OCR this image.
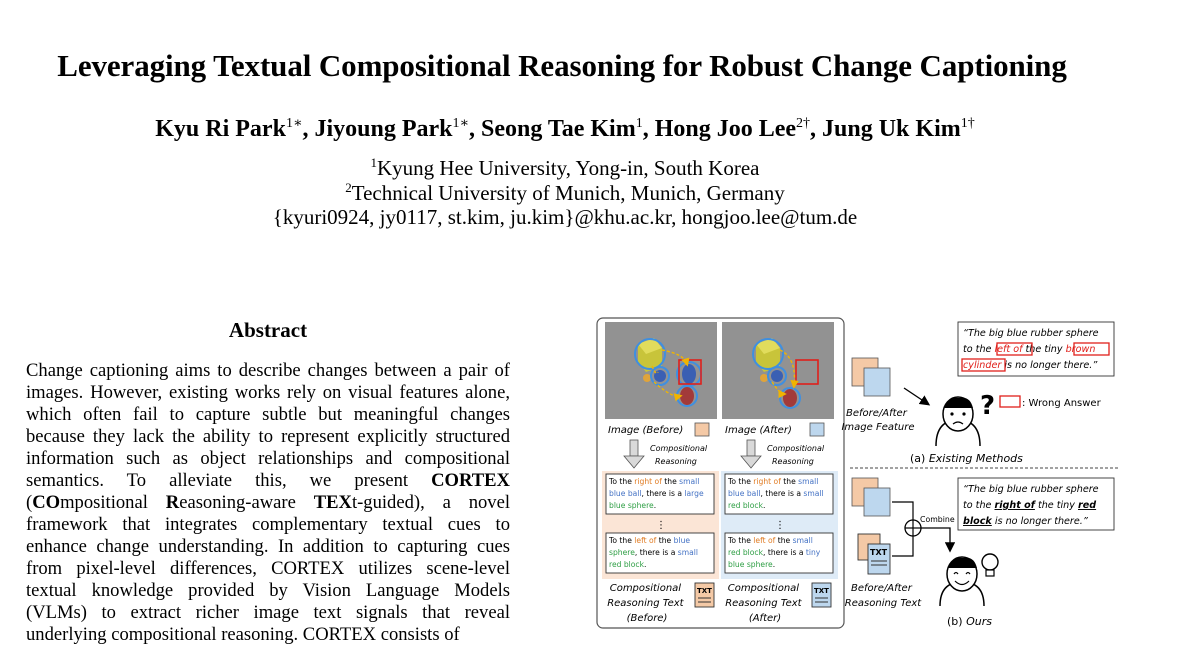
Leveraging Textual Compositional Reasoning for Robust Change Captioning
Kyu Ri Park$^{1∗}$, Jiyoung Park$^{1∗}$, Seong Tae Kim$^1$, Hong Joo Lee$^{2\dagger}$, Jung Uk Kim$^{1\dagger}$
$^1$Kyung Hee University, Yong-in, South Korea
$^2$Technical University of Munich, Munich, Germany
{kyuri0924, jy0117, st.kim, ju.kim}@khu.ac.kr, hongjoo.lee@tum.de
Abstract
Change captioning aims to describe changes between a pair of images. However, existing works rely on visual features alone, which often fail to capture subtle but meaningful changes because they lack the ability to represent explicitly structured information such as object relationships and compositional semantics. To alleviate this, we present CORTEX (COmpositional Reasoning-aware TEXt-guided), a novel framework that integrates complementary textual cues to enhance change understanding. In addition to capturing cues from pixel-level differences, CORTEX utilizes scene-level textual knowledge provided by Vision Language Models (VLMs) to extract richer image text signals that reveal underlying compositional reasoning. CORTEX consists of
Image (Before)	Image (After)
Compositional
Reasoning
Compositional
Reasoning
To the right of the small blue ball, there is a large blue sphere.
⋮
To the left of the blue sphere, there is a small red block.
To the right of the small blue ball, there is a small red block.
⋮
To the left of the small red block, there is a tiny blue sphere.
Compositional Reasoning Text (Before)
TXT Compositional Reasoning Text (After)
TXT
Before/After Image Feature
“The big blue rubber sphere to the left of the tiny brown cylinder is no longer there.”
?	: Wrong Answer
(a) Existing Methods
TXT
Before/After Reasoning Text
Combine
“The big blue rubber sphere to the right of the tiny red block is no longer there.”
(b) Ours
